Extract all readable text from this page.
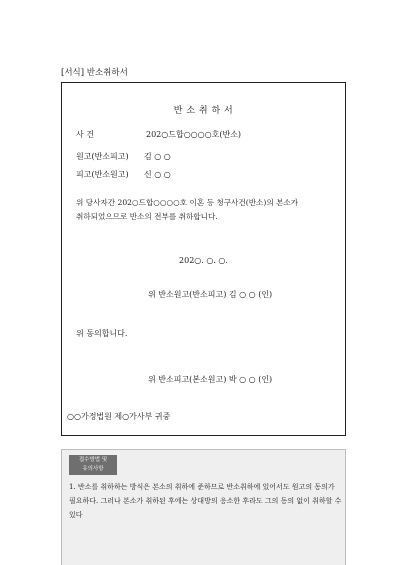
[서식] 반소취하서
반 소 취 하 서
사 건	202○드합○○○○호(반소)
원고(반소피고) 김 ○ ○
피고(반소원고) 신 ○ ○
위 당사자간 202○드합○○○○호 이혼 등 청구사건(반소)의 본소가 취하되었으므로 반소의 전부를 취하합니다.
202○. ○. ○.
위 반소원고(반소피고) 김 ○ ○ (인)
위 동의합니다.
위 반소피고(본소원고) 박 ○ ○ (인)
○○가정법원 제○가사부 귀중
접수방법 및
유의사항
1. 반소를 취하하는 방식은 본소의 취하에 준하므로 반소취하에 있어서도 원고의 동의가 필요하다. 그러나 본소가 취하된 후에는 상대방의 응소한 후라도 그의 동의 없이 취하할 수 있다
